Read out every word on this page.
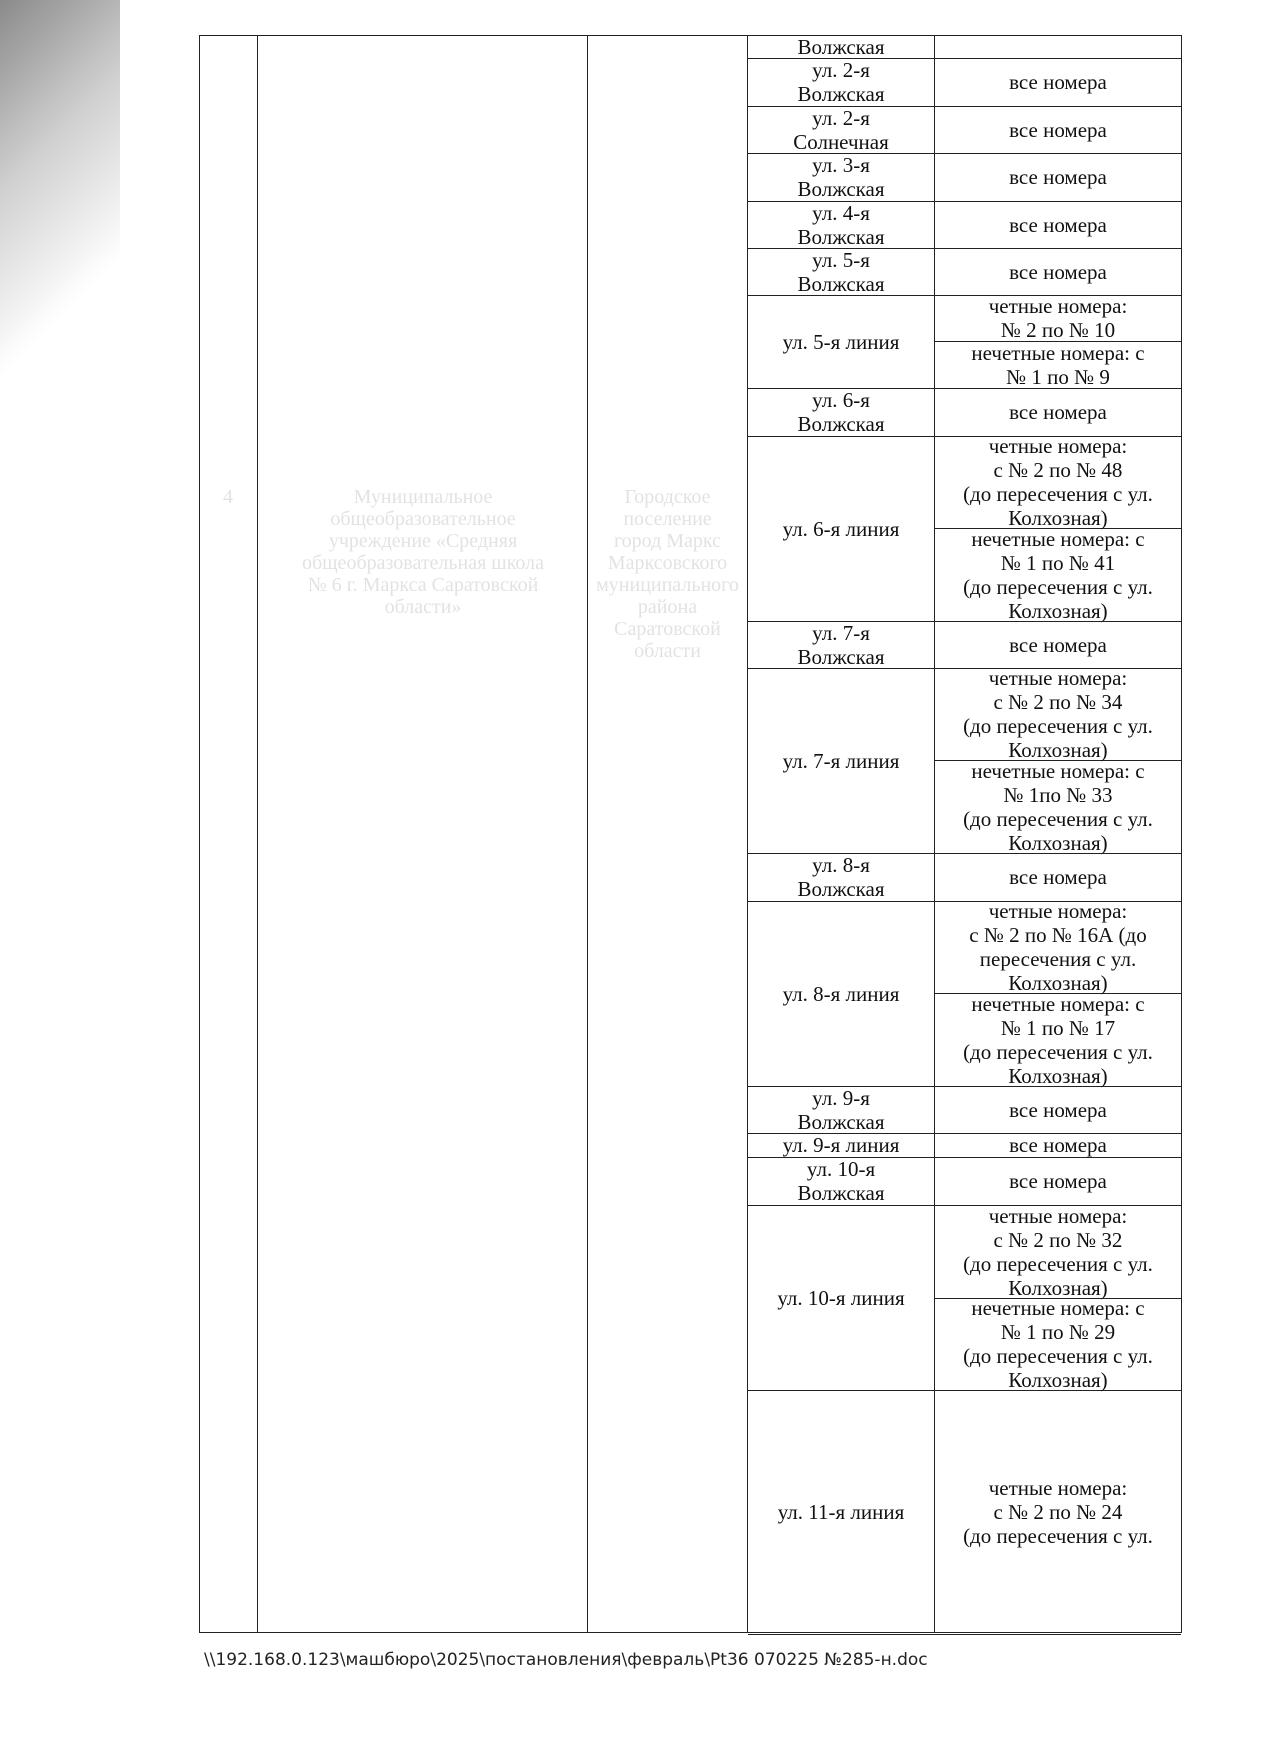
4	Муниципальное
общеобразовательное
учреждение «Средняя
общеобразовательная школа
№ 6 г. Маркса Саратовской
области»
Городское
поселение
город Маркс
Марксовского
муниципального
района
Саратовской
области
все номера
все номера
все номера
все номера
все номера
четные номера:
№ 2 по № 10
нечетные номера: с
№ 1 по № 9
все номера
четные номера:
с № 2 по № 48
(до пересечения с ул.
Колхозная)
нечетные номера: с
№ 1 по № 41
(до пересечения с ул.
Колхозная)
все номера
четные номера:
с № 2 по № 34
(до пересечения с ул.
Колхозная)
нечетные номера: с
№ 1по № 33
(до пересечения с ул.
Колхозная)
все номера
четные номера:
с № 2 по № 16А (до
пересечения с ул.
Колхозная)
нечетные номера: с
№ 1 по № 17
(до пересечения с ул.
Колхозная)
все номера
все номера
все номера
четные номера:
с № 2 по № 32
(до пересечения с ул.
Колхозная)
нечетные номера: с
№ 1 по № 29
(до пересечения с ул.
Колхозная)
четные номера:
с № 2 по № 24
(до пересечения с ул.
Волжская
ул. 2-я
Волжская
ул. 2-я
Солнечная
ул. 3-я
Волжская
ул. 4-я
Волжская
ул. 5-я
Волжская
ул. 5-я линия
ул. 6-я
Волжская
ул. 6-я линия
ул. 7-я
Волжская
ул. 7-я линия
ул. 8-я
Волжская
ул. 8-я линия
ул. 9-я
Волжская
ул. 9-я линия
ул. 10-я
Волжская
ул. 10-я линия
ул. 11-я линия
\\192.168.0.123\машбюро\2025\постановления\февраль\Pt36 070225 №285-н.doc
